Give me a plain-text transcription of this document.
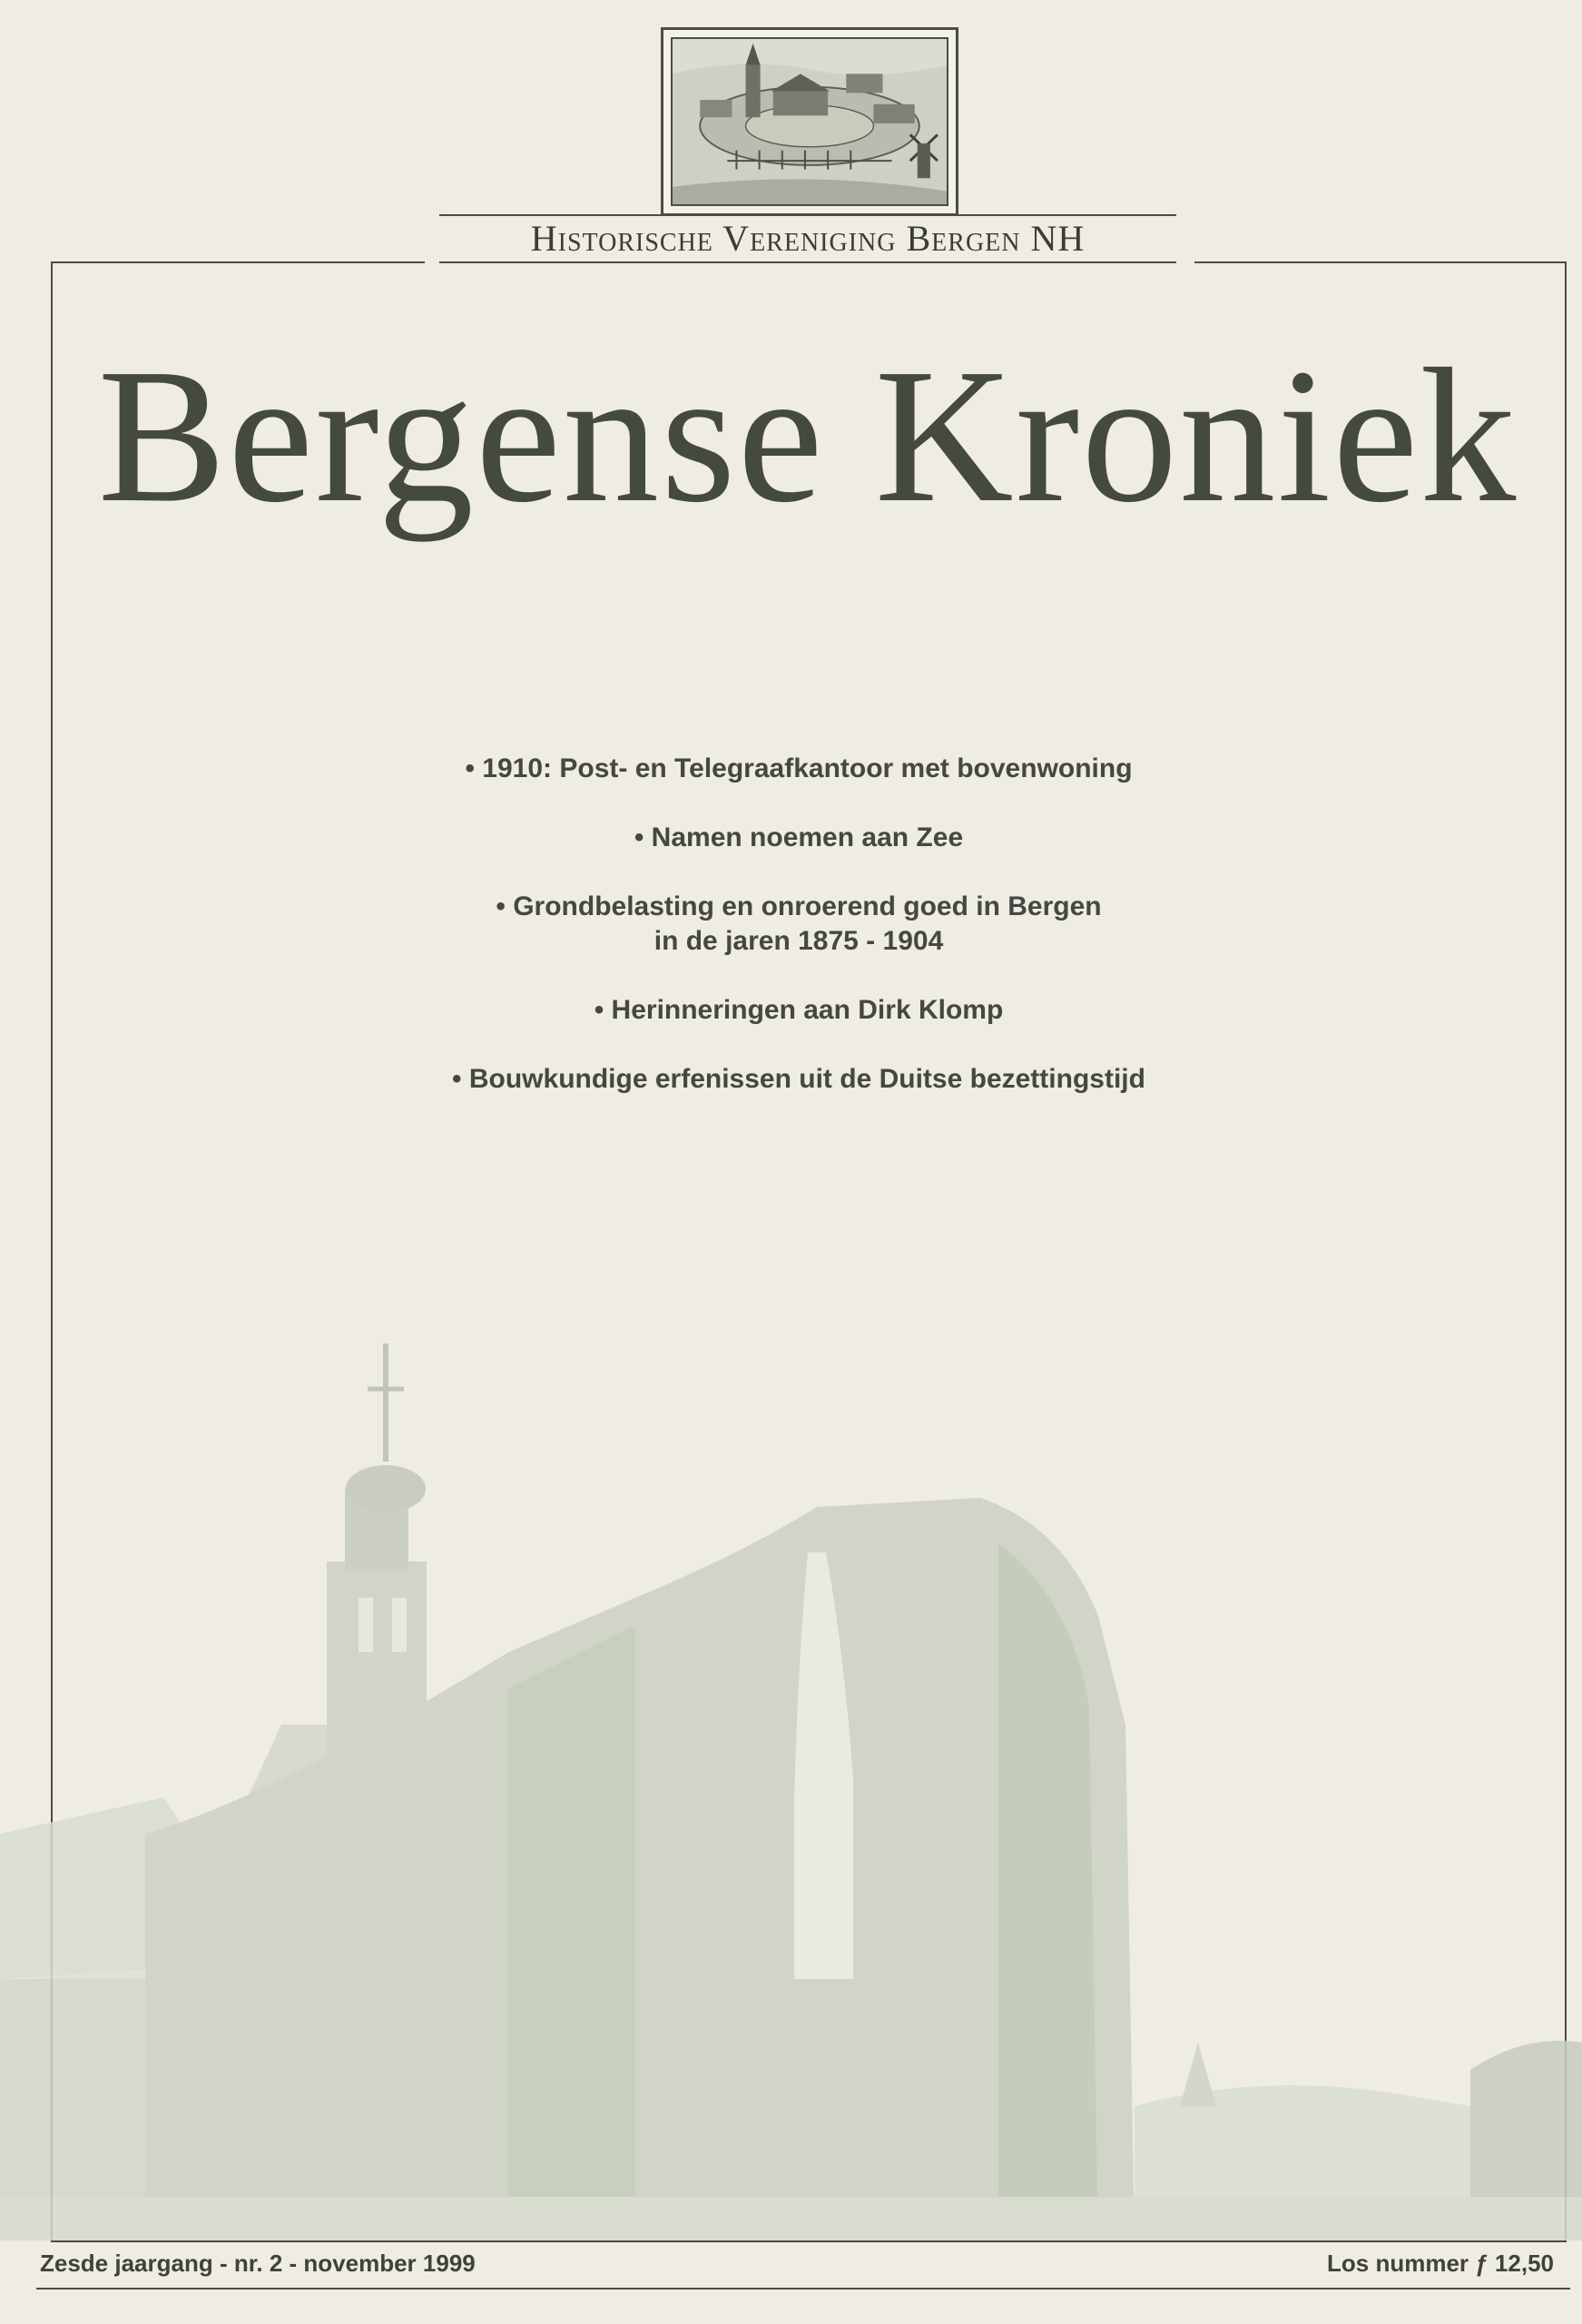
Historische Vereniging Bergen NH
Bergense Kroniek
• 1910: Post- en Telegraafkantoor met bovenwoning
• Namen noemen aan Zee
• Grondbelasting en onroerend goed in Bergen
in de jaren 1875 - 1904
• Herinneringen aan Dirk Klomp
• Bouwkundige erfenissen uit de Duitse bezettingstijd
Zesde jaargang - nr. 2 - november 1999	Los nummer ƒ 12,50
